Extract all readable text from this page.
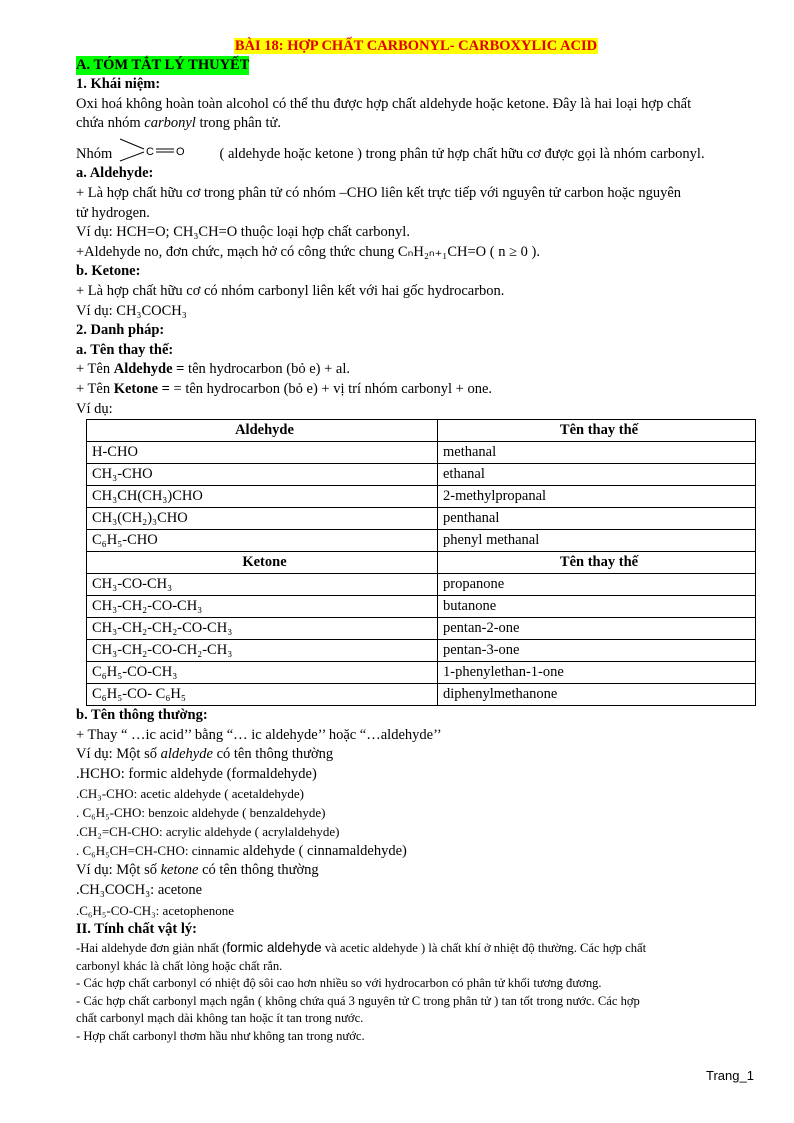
BÀI 18: HỢP CHẤT CARBONYL- CARBOXYLIC ACID
A. TÓM TẮT LÝ THUYẾT

1. Khái niệm:

Oxi hoá không hoàn toàn alcohol có thể thu được hợp chất aldehyde hoặc ketone. Đây là hai loại hợp chất

chứa nhóm carbonyl trong phân tử.

Nhóm	C O ( aldehyde hoặc ketone ) trong phân tử hợp chất hữu cơ được gọi là nhóm carbonyl.

a. Aldehyde:

+ Là hợp chất hữu cơ trong phân tử có nhóm –CHO liên kết trực tiếp với nguyên tử carbon hoặc nguyên

tử hydrogen.

Ví dụ: HCH=O; CH₃CH=O thuộc loại hợp chất carbonyl.

+Aldehyde no, đơn chức, mạch hở có công thức chung CₙH₂ₙ₊₁CH=O ( n ≥ 0 ).

b. Ketone:

+ Là hợp chất hữu cơ có nhóm carbonyl liên kết với hai gốc hydrocarbon.

Ví dụ: CH₃COCH₃

2. Danh pháp:

a. Tên thay thế:

+ Tên Aldehyde = tên hydrocarbon (bỏ e) + al.

+ Tên Ketone = = tên hydrocarbon (bỏ e) + vị trí nhóm carbonyl + one.

Ví dụ:

Aldehyde	Tên thay thế
H-CHO	methanal
CH₃-CHO	ethanal
CH₃CH(CH₃)CHO	2-methylpropanal
CH₃(CH₂)₃CHO	penthanal
C₆H₅-CHO	phenyl methanal
Ketone	Tên thay thế
CH₃-CO-CH₃	propanone
CH₃-CH₂-CO-CH₃	butanone
CH₃-CH₂-CH₂-CO-CH₃	pentan-2-one
CH₃-CH₂-CO-CH₂-CH₃	pentan-3-one
C₆H₅-CO-CH₃	1-phenylethan-1-one
C₆H₅-CO- C₆H₅	diphenylmethanone

b. Tên thông thường:

+ Thay “ …ic acid’’ bằng “… ic aldehyde’’ hoặc “…aldehyde’’

Ví dụ: Một số aldehyde có tên thông thường

.HCHO: formic aldehyde (formaldehyde)

.CH₃-CHO: acetic aldehyde ( acetaldehyde)

. C₆H₅-CHO: benzoic aldehyde ( benzaldehyde)

.CH₂=CH-CHO: acrylic aldehyde ( acrylaldehyde)

. C₆H₅CH=CH-CHO: cinnamic aldehyde ( cinnamaldehyde)

Ví dụ: Một số ketone có tên thông thường

.CH₃COCH₃: acetone

.C₆H₅-CO-CH₃: acetophenone

II. Tính chất vật lý:

-Hai aldehyde đơn giản nhất (formic aldehyde và acetic aldehyde ) là chất khí ở nhiệt độ thường. Các hợp chất

carbonyl khác là chất lỏng hoặc chất rắn.

- Các hợp chất carbonyl có nhiệt độ sôi cao hơn nhiều so với hydrocarbon có phân tử khối tương đương.

- Các hợp chất carbonyl mạch ngắn ( không chứa quá 3 nguyên tử C trong phân tử ) tan tốt trong nước. Các hợp

chất carbonyl mạch dài không tan hoặc ít tan trong nước.

- Hợp chất carbonyl thơm hầu như không tan trong nước.

Trang_1
